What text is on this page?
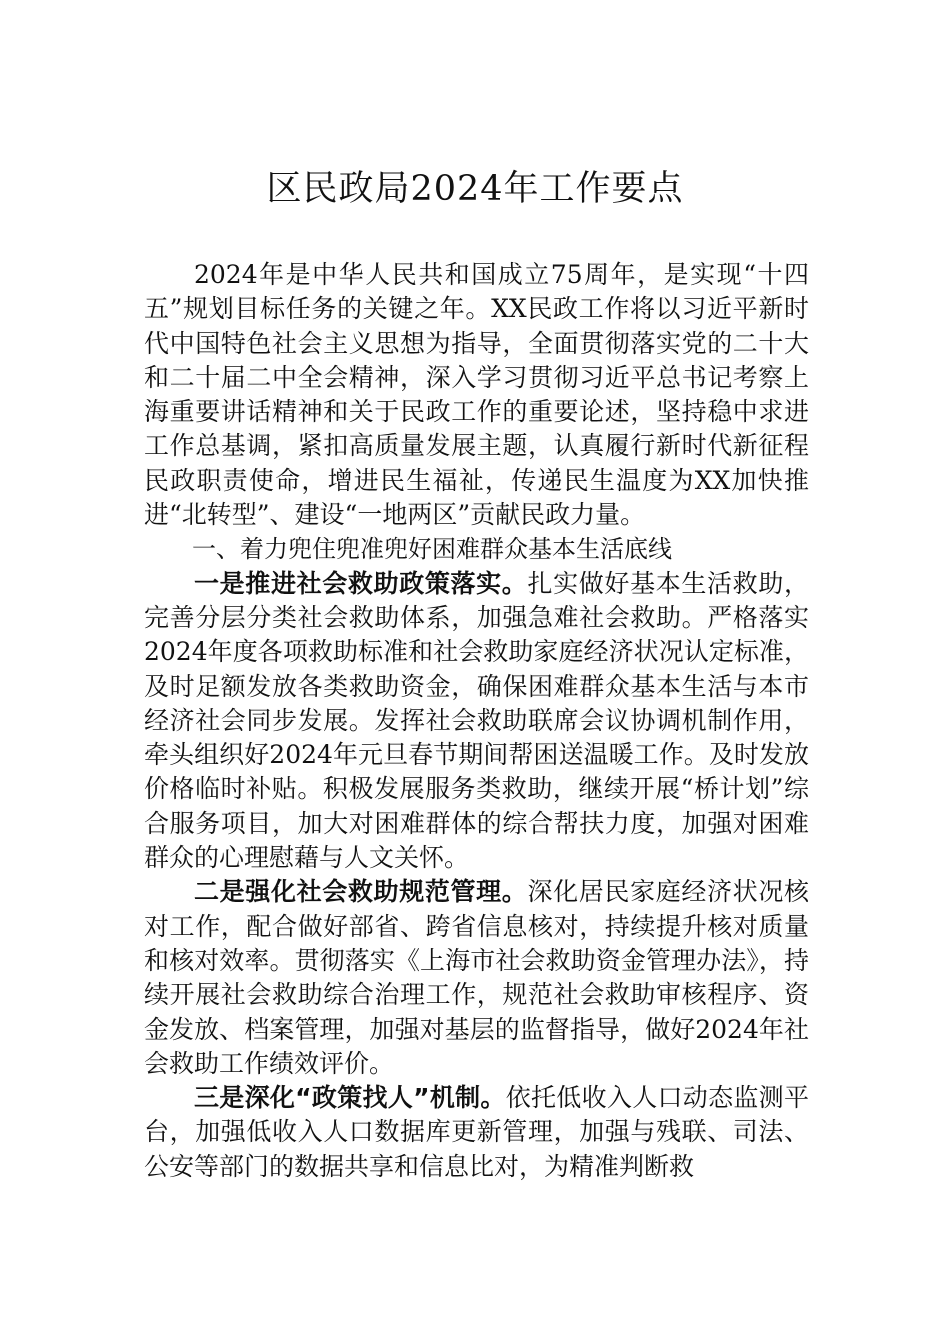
区民政局2024年工作要点

2024年是中华人民共和国成立75周年，是实现“十四五”规划目标任务的关键之年。XX民政工作将以习近平新时代中国特色社会主义思想为指导，全面贯彻落实党的二十大和二十届二中全会精神，深入学习贯彻习近平总书记考察上海重要讲话精神和关于民政工作的重要论述，坚持稳中求进工作总基调，紧扣高质量发展主题，认真履行新时代新征程民政职责使命，增进民生福祉，传递民生温度为XX加快推进“北转型”、建设“一地两区”贡献民政力量。

一、着力兜住兜准兜好困难群众基本生活底线

一是推进社会救助政策落实。扎实做好基本生活救助，完善分层分类社会救助体系，加强急难社会救助。严格落实2024年度各项救助标准和社会救助家庭经济状况认定标准，及时足额发放各类救助资金，确保困难群众基本生活与本市经济社会同步发展。发挥社会救助联席会议协调机制作用，牵头组织好2024年元旦春节期间帮困送温暖工作。及时发放价格临时补贴。积极发展服务类救助，继续开展“桥计划”综合服务项目，加大对困难群体的综合帮扶力度，加强对困难群众的心理慰藉与人文关怀。

二是强化社会救助规范管理。深化居民家庭经济状况核对工作，配合做好部省、跨省信息核对，持续提升核对质量和核对效率。贯彻落实《上海市社会救助资金管理办法》，持续开展社会救助综合治理工作，规范社会救助审核程序、资金发放、档案管理，加强对基层的监督指导，做好2024年社会救助工作绩效评价。

三是深化“政策找人”机制。依托低收入人口动态监测平台，加强低收入人口数据库更新管理，加强与残联、司法、公安等部门的数据共享和信息比对，为精准判断救
